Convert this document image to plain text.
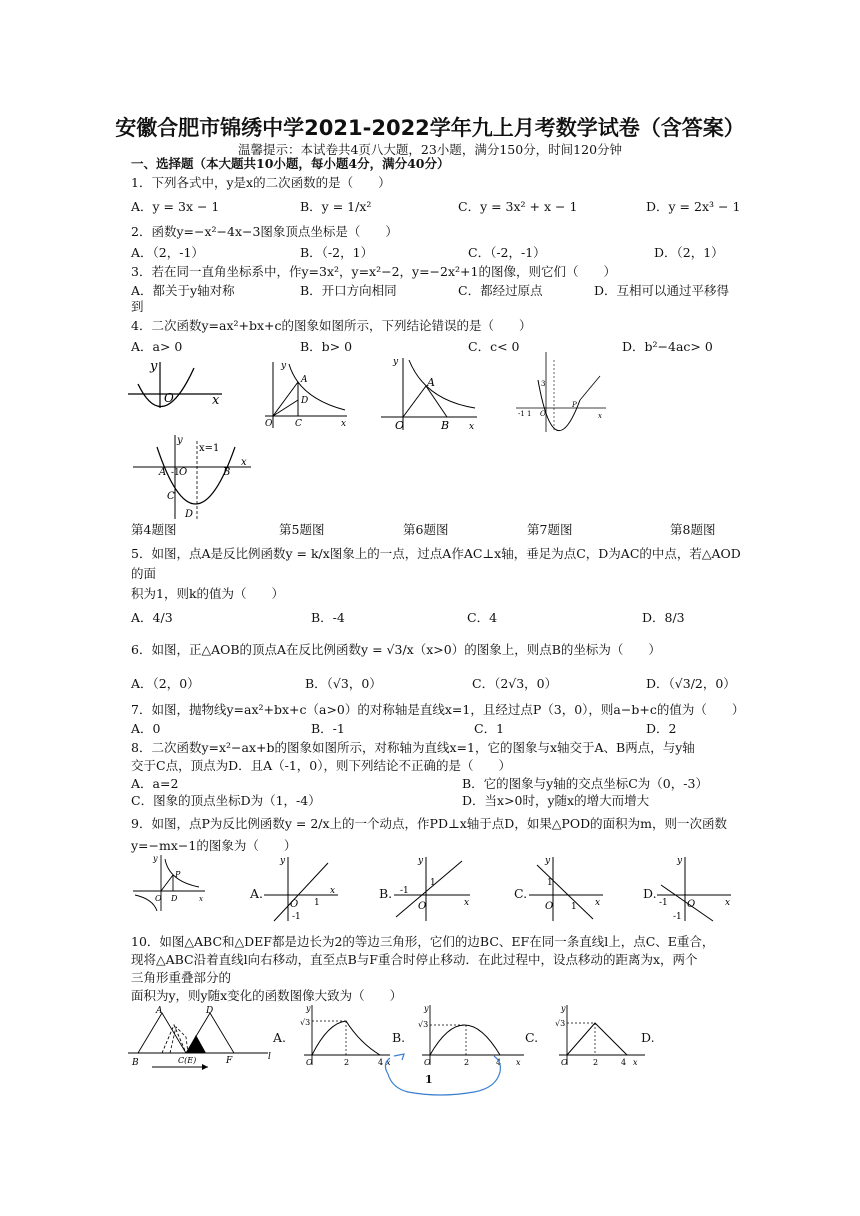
安徽合肥市锦绣中学2021-2022学年九上月考数学试卷（含答案）
温馨提示：本试卷共4页八大题，23小题，满分150分，时间120分钟
一、选择题（本大题共10小题，每小题4分，满分40分）
1．下列各式中，y是x的二次函数的是（　　）
A．y = 3x − 1	B．y = 1/x²	C．y = 3x² + x − 1	D．y = 2x³ − 1
2．函数y=−x²−4x−3图象顶点坐标是（　　）
A．（2，-1）	B．（-2，1）	C．（-2，-1）	D．（2，1）
3．若在同一直角坐标系中，作y=3x²，y=x²−2，y=−2x²+1的图像，则它们（　　）
A．都关于y轴对称	B．开口方向相同	C．都经过原点	D．互相可以通过平移得
到
4．二次函数y=ax²+bx+c的图象如图所示，下列结论错误的是（　　）
A．a> 0	B．b> 0	C．c< 0	D．b²−4ac> 0
y
x
O
y
A
D
C
O	x
y
A
O	B x
3
P
-1 1 O	x
y
x=1
A -1 O	B
x
C
D
第4题图	第5题图	第6题图	第7题图	第8题图
5．如图，点A是反比例函数y = k/x图象上的一点，过点A作AC⊥x轴，垂足为点C，D为AC的中点，若△AOD
的面
积为1，则k的值为（　　）
A．4/3	B．-4	C．4	D．8/3
6．如图，正△AOB的顶点A在反比例函数y = √3/x（x>0）的图象上，则点B的坐标为（　　）
A．（2，0）	B．（√3，0）	C．（2√3，0）	D．（√3/2，0）
7．如图，抛物线y=ax²+bx+c（a>0）的对称轴是直线x=1，且经过点P（3，0），则a−b+c的值为（　　）
A．0	B．-1	C．1	D．2
8．二次函数y=x²−ax+b的图象如图所示，对称轴为直线x=1，它的图象与x轴交于A、B两点，与y轴
交于C点，顶点为D．且A（-1，0），则下列结论不正确的是（　　）
A．a=2	B．它的图象与y轴的交点坐标C为（0，-3）
C．图象的顶点坐标D为（1，-4）	D．当x>0时，y随x的增大而增大
9．如图，点P为反比例函数y = 2/x上的一个动点，作PD⊥x轴于点D，如果△POD的面积为m，则一次函数
y=−mx−1的图象为（　　）
y
P
O D	x	A.
y
x
O 1
-1
B.
y
x
O
1
-1	C.
y
x
O
1
1
D.
y
x
O
-1
-1
10．如图△ABC和△DEF都是边长为2的等边三角形，它们的边BC、EF在同一条直线l上，点C、E重合，
现将△ABC沿着直线l向右移动，直至点B与F重合时停止移动．在此过程中，设点移动的距离为x，两个
三角形重叠部分的
面积为y，则y随x变化的函数图像大致为（　　）
A	D
B	C(E)	F	l
A.
y
√3
O	2	4 x
B.
y
√3
O	2	4 x
C.
y
√3
O	2	4 x
D.
1
